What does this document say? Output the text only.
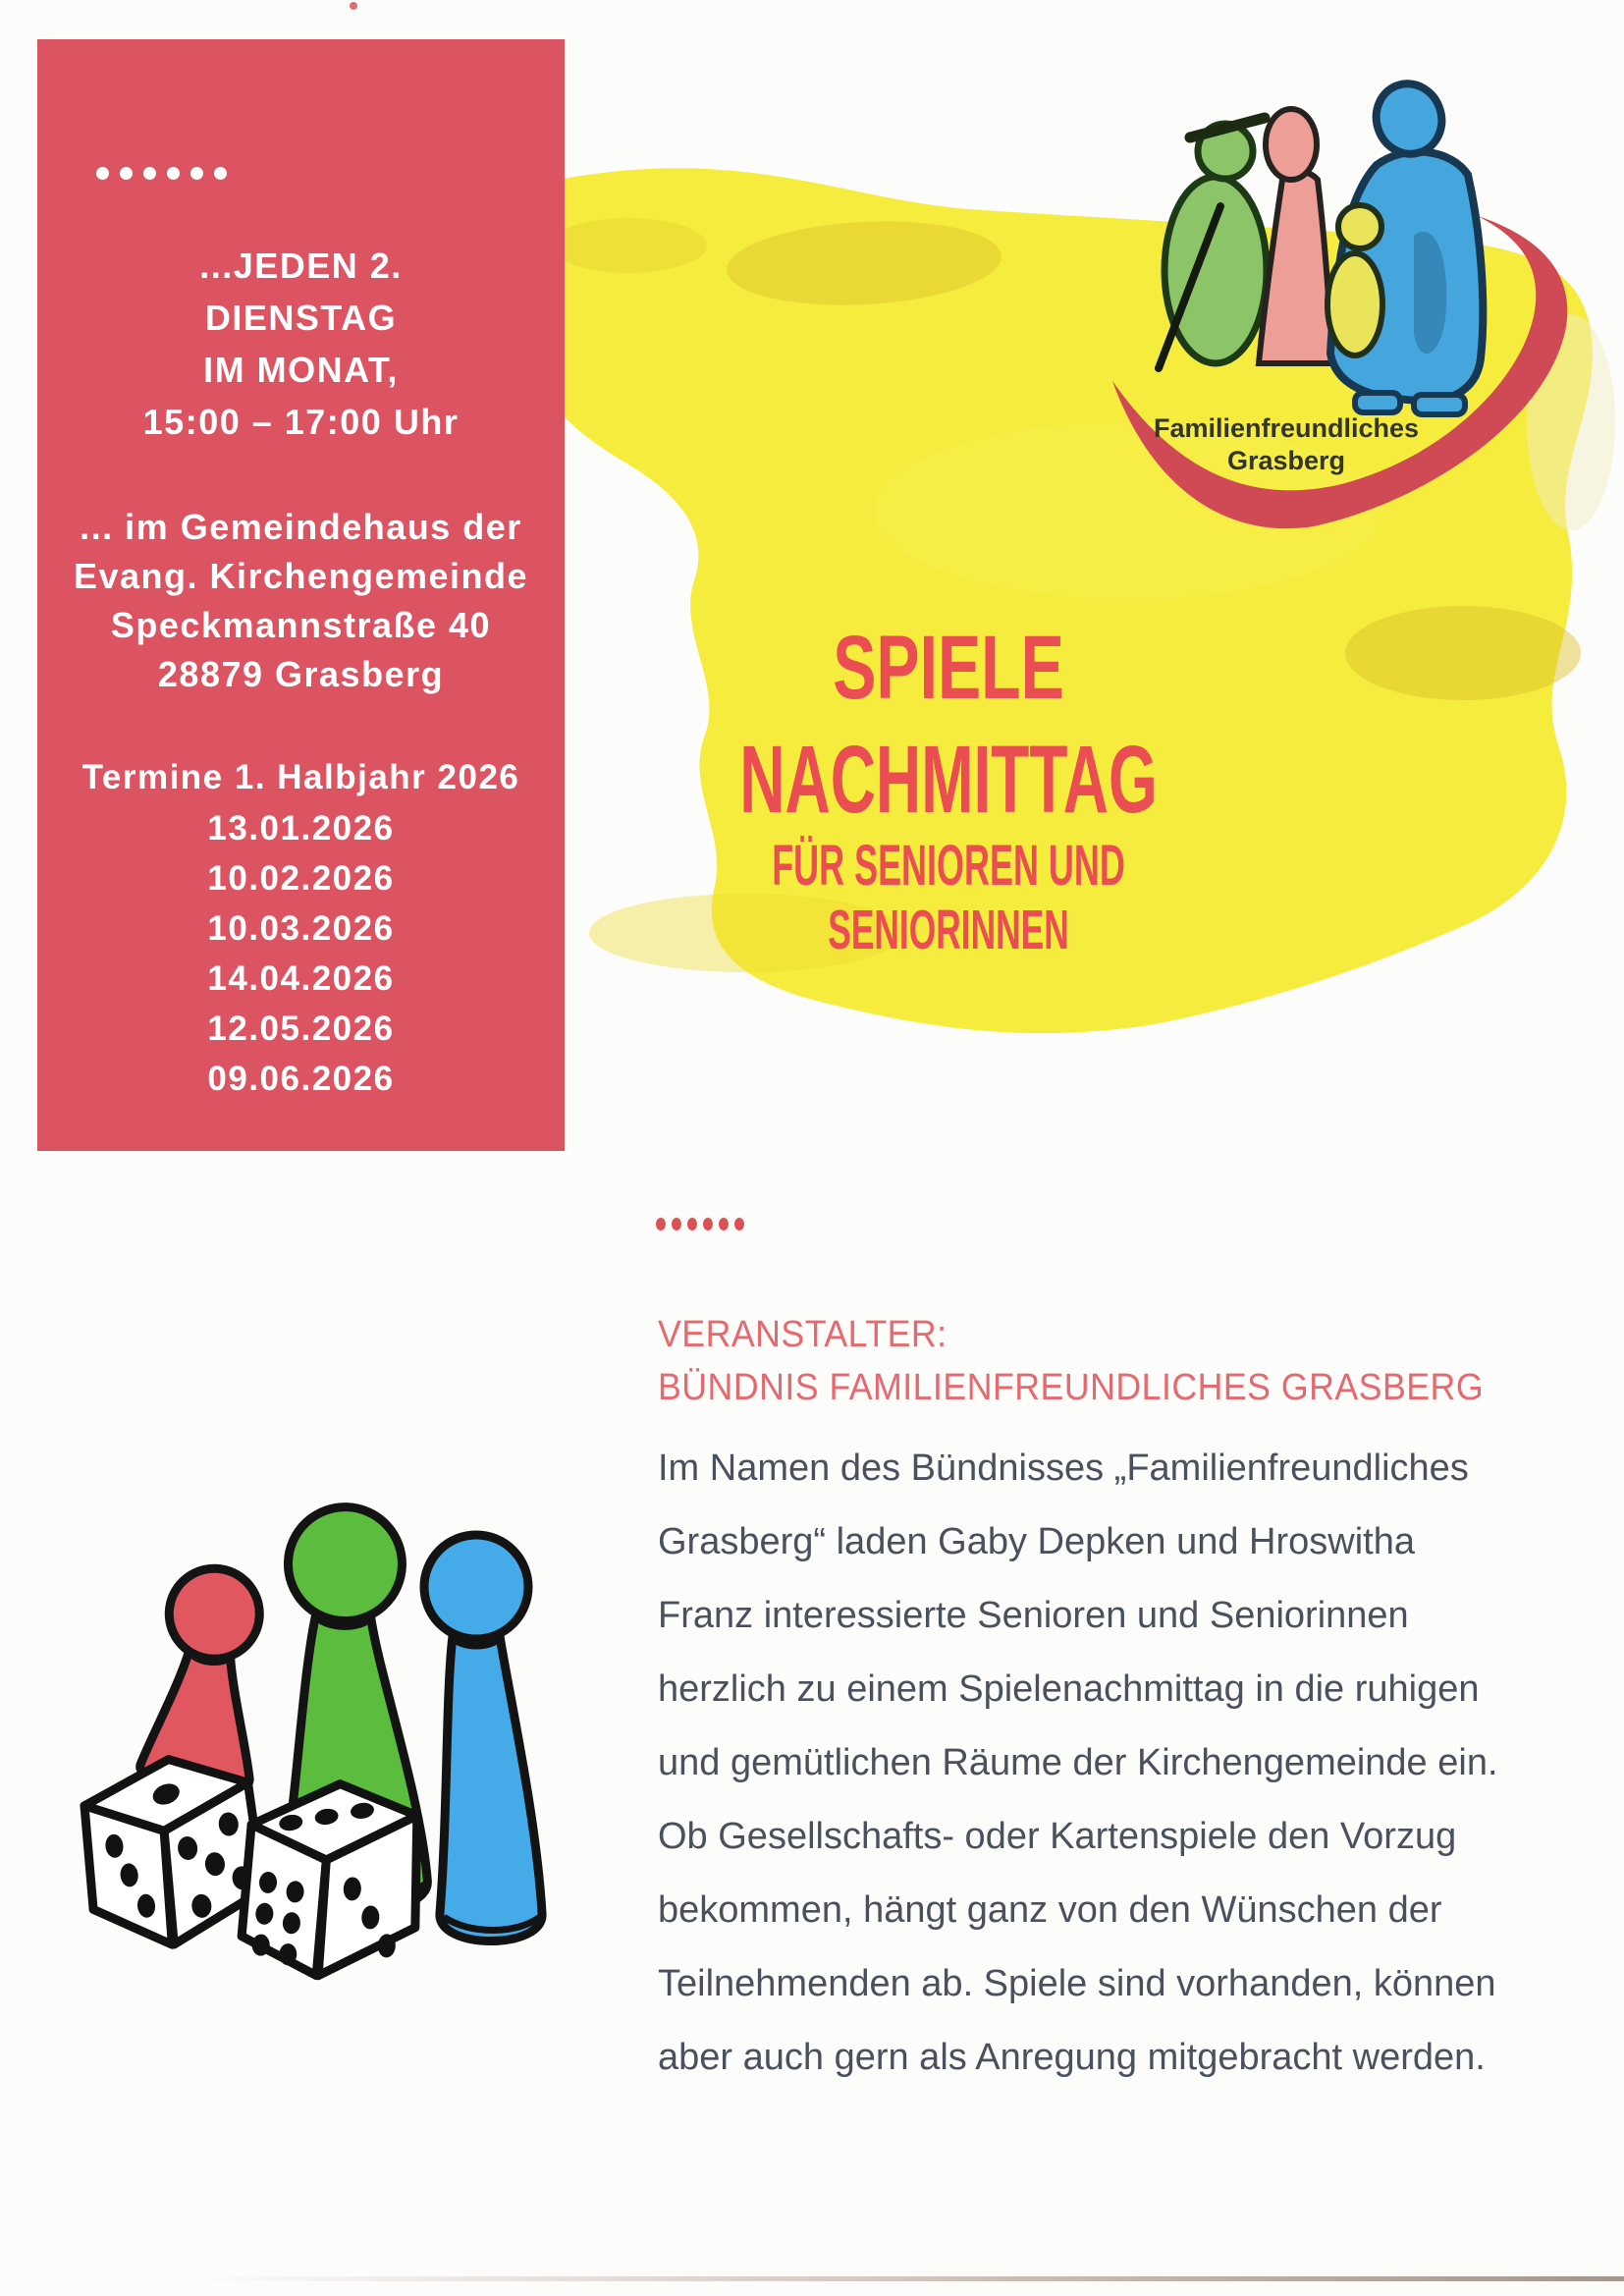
...JEDEN 2.
DIENSTAG
IM MONAT,
15:00 – 17:00 Uhr
... im Gemeindehaus der
Evang. Kirchengemeinde
Speckmannstraße 40
28879 Grasberg
Termine 1. Halbjahr 2026
13.01.2026
10.02.2026
10.03.2026
14.04.2026
12.05.2026
09.06.2026
Familienfreundliches
Grasberg
SPIELE
NACHMITTAG
FÜR SENIOREN UND
SENIORINNEN
VERANSTALTER:
BÜNDNIS FAMILIENFREUNDLICHES GRASBERG
Im Namen des Bündnisses „Familienfreundliches
Grasberg“ laden Gaby Depken und Hroswitha
Franz interessierte Senioren und Seniorinnen
herzlich zu einem Spielenachmittag in die ruhigen
und gemütlichen Räume der Kirchengemeinde ein.
Ob Gesellschafts- oder Kartenspiele den Vorzug
bekommen, hängt ganz von den Wünschen der
Teilnehmenden ab. Spiele sind vorhanden, können
aber auch gern als Anregung mitgebracht werden.
